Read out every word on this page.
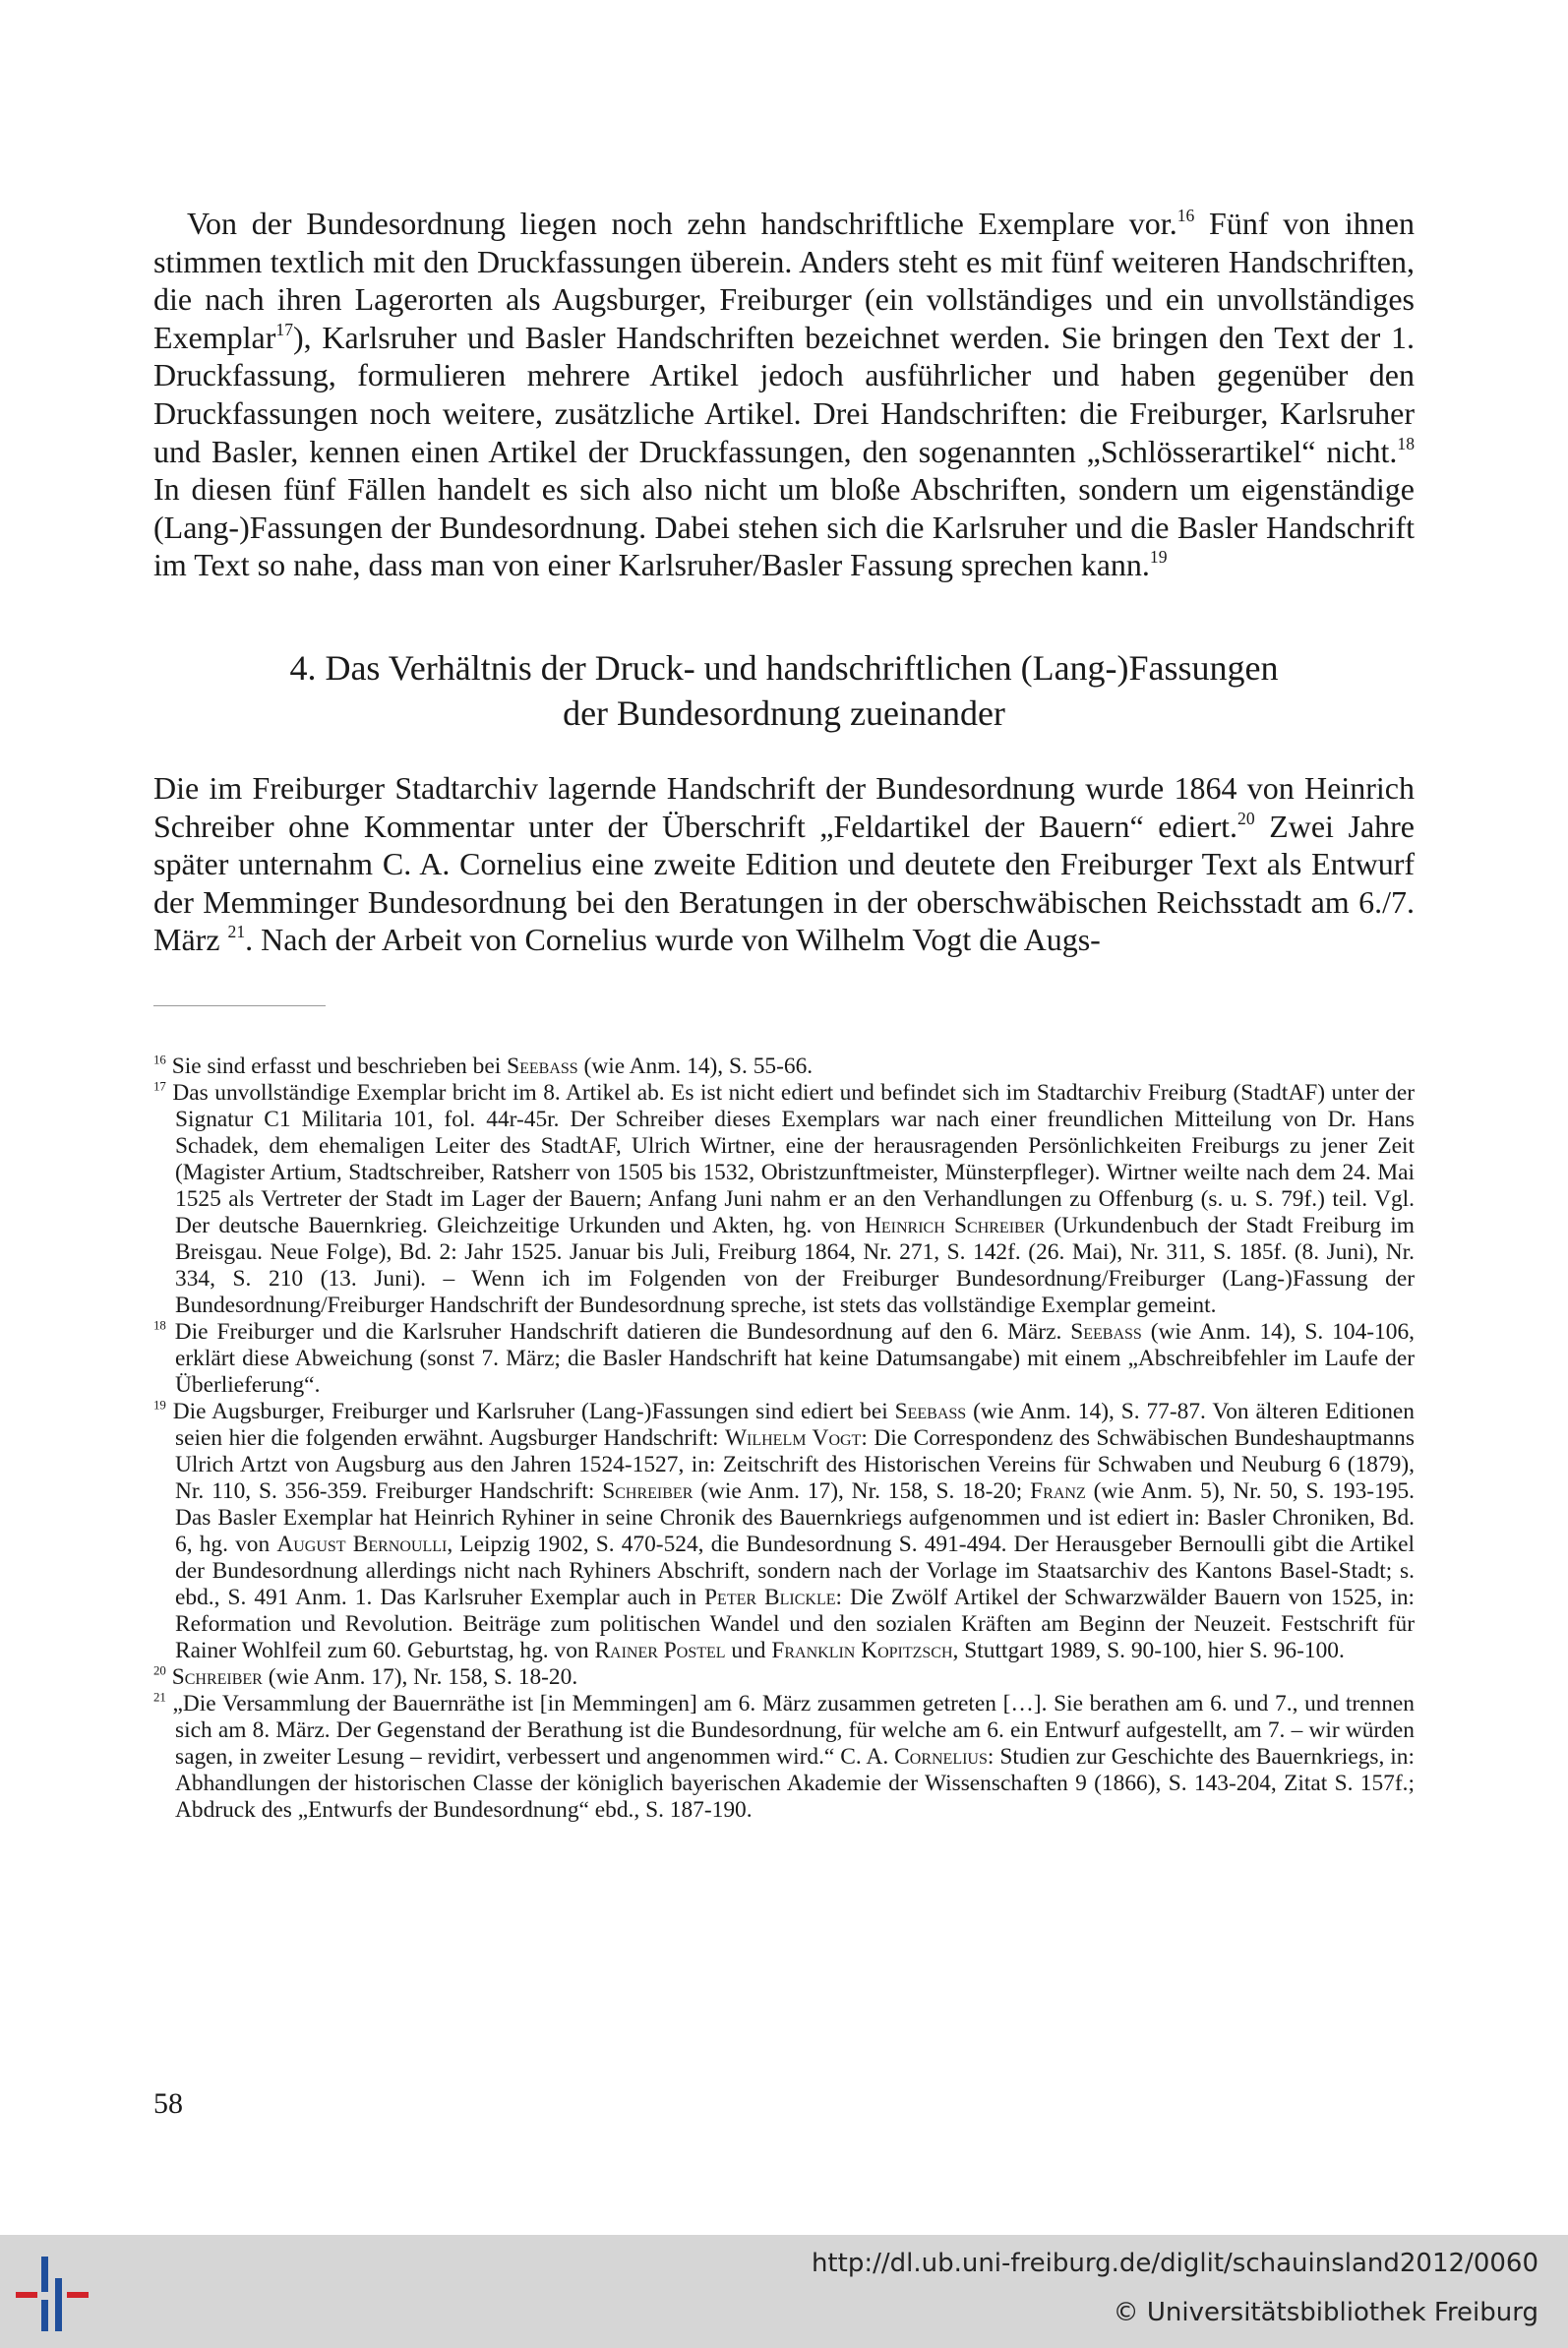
Von der Bundesordnung liegen noch zehn handschriftliche Exemplare vor.$^{16}$ Fünf von ihnen stimmen textlich mit den Druckfassungen überein. Anders steht es mit fünf weiteren Handschriften, die nach ihren Lagerorten als Augsburger, Freiburger (ein vollständiges und ein unvollständiges Exemplar$^{17}$), Karlsruher und Basler Handschriften bezeichnet werden. Sie bringen den Text der 1. Druckfassung, formulieren mehrere Artikel jedoch ausführlicher und haben gegenüber den Druckfassungen noch weitere, zusätzliche Artikel. Drei Handschriften: die Freiburger, Karlsruher und Basler, kennen einen Artikel der Druckfassungen, den sogenannten „Schlösserartikel“ nicht.$^{18}$ In diesen fünf Fällen handelt es sich also nicht um bloße Abschriften, sondern um eigenständige (Lang-)Fassungen der Bundesordnung. Dabei stehen sich die Karlsruher und die Basler Handschrift im Text so nahe, dass man von einer Karlsruher/Basler Fassung sprechen kann.$^{19}$

4. Das Verhältnis der Druck- und handschriftlichen (Lang-)Fassungen
der Bundesordnung zueinander

Die im Freiburger Stadtarchiv lagernde Handschrift der Bundesordnung wurde 1864 von Heinrich Schreiber ohne Kommentar unter der Überschrift „Feldartikel der Bauern“ ediert.$^{20}$ Zwei Jahre später unternahm C. A. Cornelius eine zweite Edition und deutete den Freiburger Text als Entwurf der Memminger Bundesordnung bei den Beratungen in der oberschwäbischen Reichsstadt am 6./7. März $^{21}$. Nach der Arbeit von Cornelius wurde von Wilhelm Vogt die Augs-

$^{16}$ Sie sind erfasst und beschrieben bei Seebaß (wie Anm. 14), S. 55-66.

$^{17}$ Das unvollständige Exemplar bricht im 8. Artikel ab. Es ist nicht ediert und befindet sich im Stadtarchiv Freiburg (StadtAF) unter der Signatur C1 Militaria 101, fol. 44r-45r. Der Schreiber dieses Exemplars war nach einer freundlichen Mitteilung von Dr. Hans Schadek, dem ehemaligen Leiter des StadtAF, Ulrich Wirtner, eine der herausragenden Persönlichkeiten Freiburgs zu jener Zeit (Magister Artium, Stadtschreiber, Ratsherr von 1505 bis 1532, Obristzunftmeister, Münsterpfleger). Wirtner weilte nach dem 24. Mai 1525 als Vertreter der Stadt im Lager der Bauern; Anfang Juni nahm er an den Verhandlungen zu Offenburg (s. u. S. 79f.) teil. Vgl. Der deutsche Bauernkrieg. Gleichzeitige Urkunden und Akten, hg. von Heinrich Schreiber (Urkundenbuch der Stadt Freiburg im Breisgau. Neue Folge), Bd. 2: Jahr 1525. Januar bis Juli, Freiburg 1864, Nr. 271, S. 142f. (26. Mai), Nr. 311, S. 185f. (8. Juni), Nr. 334, S. 210 (13. Juni). – Wenn ich im Folgenden von der Freiburger Bundesordnung/Freiburger (Lang-)Fassung der Bundesordnung/Freiburger Handschrift der Bundesordnung spreche, ist stets das vollständige Exemplar gemeint.

$^{18}$ Die Freiburger und die Karlsruher Handschrift datieren die Bundesordnung auf den 6. März. Seebaß (wie Anm. 14), S. 104-106, erklärt diese Abweichung (sonst 7. März; die Basler Handschrift hat keine Datumsangabe) mit einem „Abschreibfehler im Laufe der Überlieferung“.

$^{19}$ Die Augsburger, Freiburger und Karlsruher (Lang-)Fassungen sind ediert bei Seebaß (wie Anm. 14), S. 77-87. Von älteren Editionen seien hier die folgenden erwähnt. Augsburger Handschrift: Wilhelm Vogt: Die Correspondenz des Schwäbischen Bundeshauptmanns Ulrich Artzt von Augsburg aus den Jahren 1524-1527, in: Zeitschrift des Historischen Vereins für Schwaben und Neuburg 6 (1879), Nr. 110, S. 356-359. Freiburger Handschrift: Schreiber (wie Anm. 17), Nr. 158, S. 18-20; Franz (wie Anm. 5), Nr. 50, S. 193-195. Das Basler Exemplar hat Heinrich Ryhiner in seine Chronik des Bauernkriegs aufgenommen und ist ediert in: Basler Chroniken, Bd. 6, hg. von August Bernoulli, Leipzig 1902, S. 470-524, die Bundesordnung S. 491-494. Der Herausgeber Bernoulli gibt die Artikel der Bundesordnung allerdings nicht nach Ryhiners Abschrift, sondern nach der Vorlage im Staatsarchiv des Kantons Basel-Stadt; s. ebd., S. 491 Anm. 1. Das Karlsruher Exemplar auch in Peter Blickle: Die Zwölf Artikel der Schwarzwälder Bauern von 1525, in: Reformation und Revolution. Beiträge zum politischen Wandel und den sozialen Kräften am Beginn der Neuzeit. Festschrift für Rainer Wohlfeil zum 60. Geburtstag, hg. von Rainer Postel und Franklin Kopitzsch, Stuttgart 1989, S. 90-100, hier S. 96-100.

$^{20}$ Schreiber (wie Anm. 17), Nr. 158, S. 18-20.

$^{21}$ „Die Versammlung der Bauernräthe ist [in Memmingen] am 6. März zusammen getreten […]. Sie berathen am 6. und 7., und trennen sich am 8. März. Der Gegenstand der Berathung ist die Bundesordnung, für welche am 6. ein Entwurf aufgestellt, am 7. – wir würden sagen, in zweiter Lesung – revidirt, verbessert und angenommen wird.“ C. A. Cornelius: Studien zur Geschichte des Bauernkriegs, in: Abhandlungen der historischen Classe der königlich bayerischen Akademie der Wissenschaften 9 (1866), S. 143-204, Zitat S. 157f.; Abdruck des „Entwurfs der Bundesordnung“ ebd., S. 187-190.

58
http://dl.ub.uni-freiburg.de/diglit/schauinsland2012/0060
© Universitätsbibliothek Freiburg
